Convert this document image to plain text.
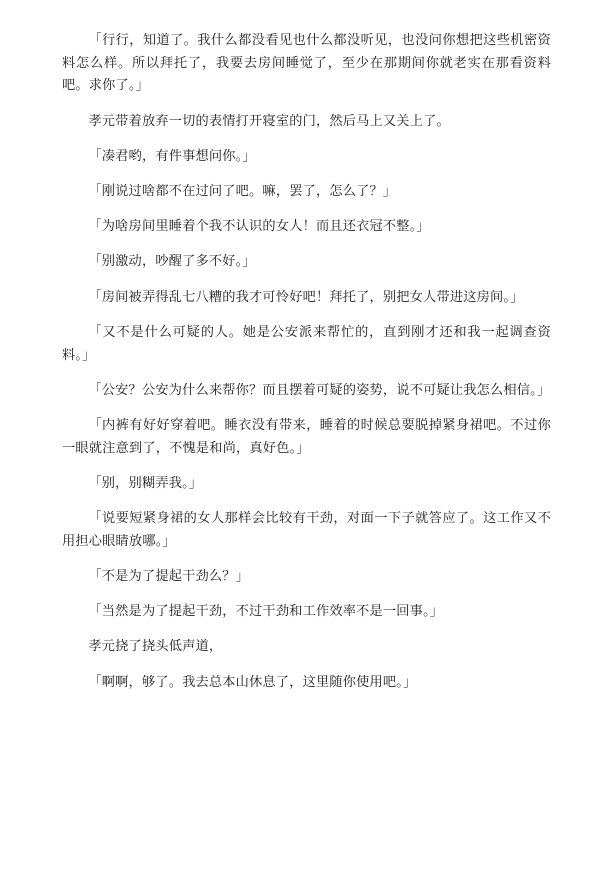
「行行，知道了。我什么都没看见也什么都没听见，也没问你想把这些机密资料怎么样。所以拜托了，我要去房间睡觉了，至少在那期间你就老实在那看资料吧。求你了。」

孝元带着放弃一切的表情打开寝室的门，然后马上又关上了。

「凑君哟，有件事想问你。」

「刚说过啥都不在过问了吧。嘛，罢了，怎么了？」

「为啥房间里睡着个我不认识的女人！而且还衣冠不整。」

「别激动，吵醒了多不好。」

「房间被弄得乱七八糟的我才可怜好吧！拜托了，别把女人带进这房间。」

「又不是什么可疑的人。她是公安派来帮忙的，直到刚才还和我一起调查资料。」

「公安？公安为什么来帮你？而且摆着可疑的姿势，说不可疑让我怎么相信。」

「内裤有好好穿着吧。睡衣没有带来，睡着的时候总要脱掉紧身裙吧。不过你一眼就注意到了，不愧是和尚，真好色。」

「别，别糊弄我。」

「说要短紧身裙的女人那样会比较有干劲，对面一下子就答应了。这工作又不用担心眼睛放哪。」

「不是为了提起干劲么？」

「当然是为了提起干劲，不过干劲和工作效率不是一回事。」

孝元挠了挠头低声道，

「啊啊，够了。我去总本山休息了，这里随你使用吧。」
